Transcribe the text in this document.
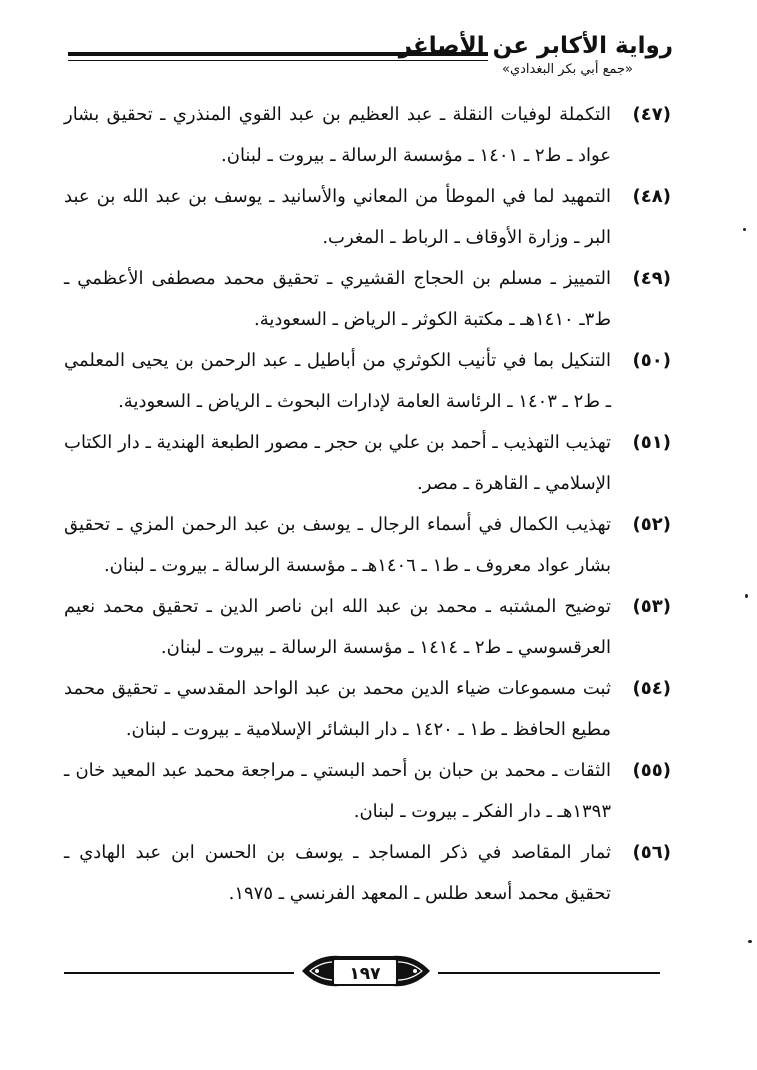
رواية الأكابر عن الأصاغر
«جمع أبي بكر البغدادي»
(٤٧)
التكملة لوفيات النقلة ـ عبد العظيم بن عبد القوي المنذري ـ تحقيق بشار عواد ـ ط٢ ـ ١٤٠١ ـ مؤسسة الرسالة ـ بيروت ـ لبنان.
(٤٨)
التمهيد لما في الموطأ من المعاني والأسانيد ـ يوسف بن عبد الله بن عبد البر ـ وزارة الأوقاف ـ الرباط ـ المغرب.
(٤٩)
التمييز ـ مسلم بن الحجاج القشيري ـ تحقيق محمد مصطفى الأعظمي ـ ط٣ـ ١٤١٠هـ ـ مكتبة الكوثر ـ الرياض ـ السعودية.
(٥٠)
التنكيل بما في تأنيب الكوثري من أباطيل ـ عبد الرحمن بن يحيى المعلمي ـ ط٢ ـ ١٤٠٣ ـ الرئاسة العامة لإدارات البحوث ـ الرياض ـ السعودية.
(٥١)
تهذيب التهذيب ـ أحمد بن علي بن حجر ـ مصور الطبعة الهندية ـ دار الكتاب الإسلامي ـ القاهرة ـ مصر.
(٥٢)
تهذيب الكمال في أسماء الرجال ـ يوسف بن عبد الرحمن المزي ـ تحقيق بشار عواد معروف ـ ط١ ـ ١٤٠٦هـ ـ مؤسسة الرسالة ـ بيروت ـ لبنان.
(٥٣)
توضيح المشتبه ـ محمد بن عبد الله ابن ناصر الدين ـ تحقيق محمد نعيم العرقسوسي ـ ط٢ ـ ١٤١٤ ـ مؤسسة الرسالة ـ بيروت ـ لبنان.
(٥٤)
ثبت مسموعات ضياء الدين محمد بن عبد الواحد المقدسي ـ تحقيق محمد مطيع الحافظ ـ ط١ ـ ١٤٢٠ ـ دار البشائر الإسلامية ـ بيروت ـ لبنان.
(٥٥)
الثقات ـ محمد بن حبان بن أحمد البستي ـ مراجعة محمد عبد المعيد خان ـ ١٣٩٣هـ ـ دار الفكر ـ بيروت ـ لبنان.
(٥٦)
ثمار المقاصد في ذكر المساجد ـ يوسف بن الحسن ابن عبد الهادي ـ تحقيق محمد أسعد طلس ـ المعهد الفرنسي ـ ١٩٧٥.
١٩٧
